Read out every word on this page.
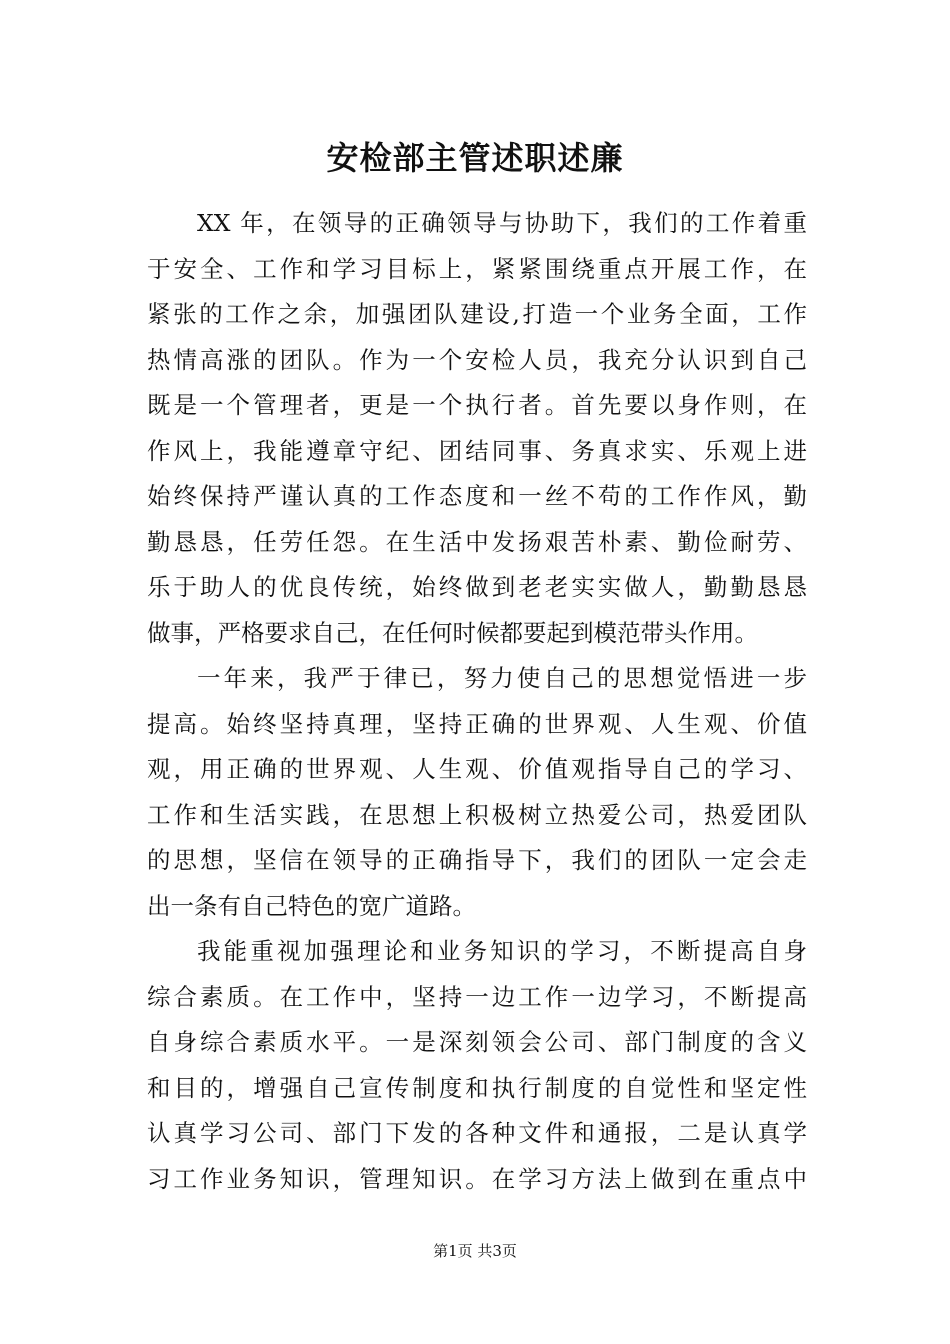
安检部主管述职述廉
XX 年，在领导的正确领导与协助下，我们的工作着重
于安全、工作和学习目标上，紧紧围绕重点开展工作，在
紧张的工作之余，加强团队建设,打造一个业务全面，工作
热情高涨的团队。作为一个安检人员，我充分认识到自己
既是一个管理者，更是一个执行者。首先要以身作则，在
作风上，我能遵章守纪、团结同事、务真求实、乐观上进
始终保持严谨认真的工作态度和一丝不苟的工作作风，勤
勤恳恳，任劳任怨。在生活中发扬艰苦朴素、勤俭耐劳、
乐于助人的优良传统，始终做到老老实实做人，勤勤恳恳
做事，严格要求自己，在任何时候都要起到模范带头作用。
一年来，我严于律已，努力使自己的思想觉悟进一步
提高。始终坚持真理，坚持正确的世界观、人生观、价值
观，用正确的世界观、人生观、价值观指导自己的学习、
工作和生活实践，在思想上积极树立热爱公司，热爱团队
的思想，坚信在领导的正确指导下，我们的团队一定会走
出一条有自己特色的宽广道路。
我能重视加强理论和业务知识的学习，不断提高自身
综合素质。在工作中，坚持一边工作一边学习，不断提高
自身综合素质水平。一是深刻领会公司、部门制度的含义
和目的，增强自己宣传制度和执行制度的自觉性和坚定性
认真学习公司、部门下发的各种文件和通报，二是认真学
习工作业务知识，管理知识。在学习方法上做到在重点中
第1页 共3页
